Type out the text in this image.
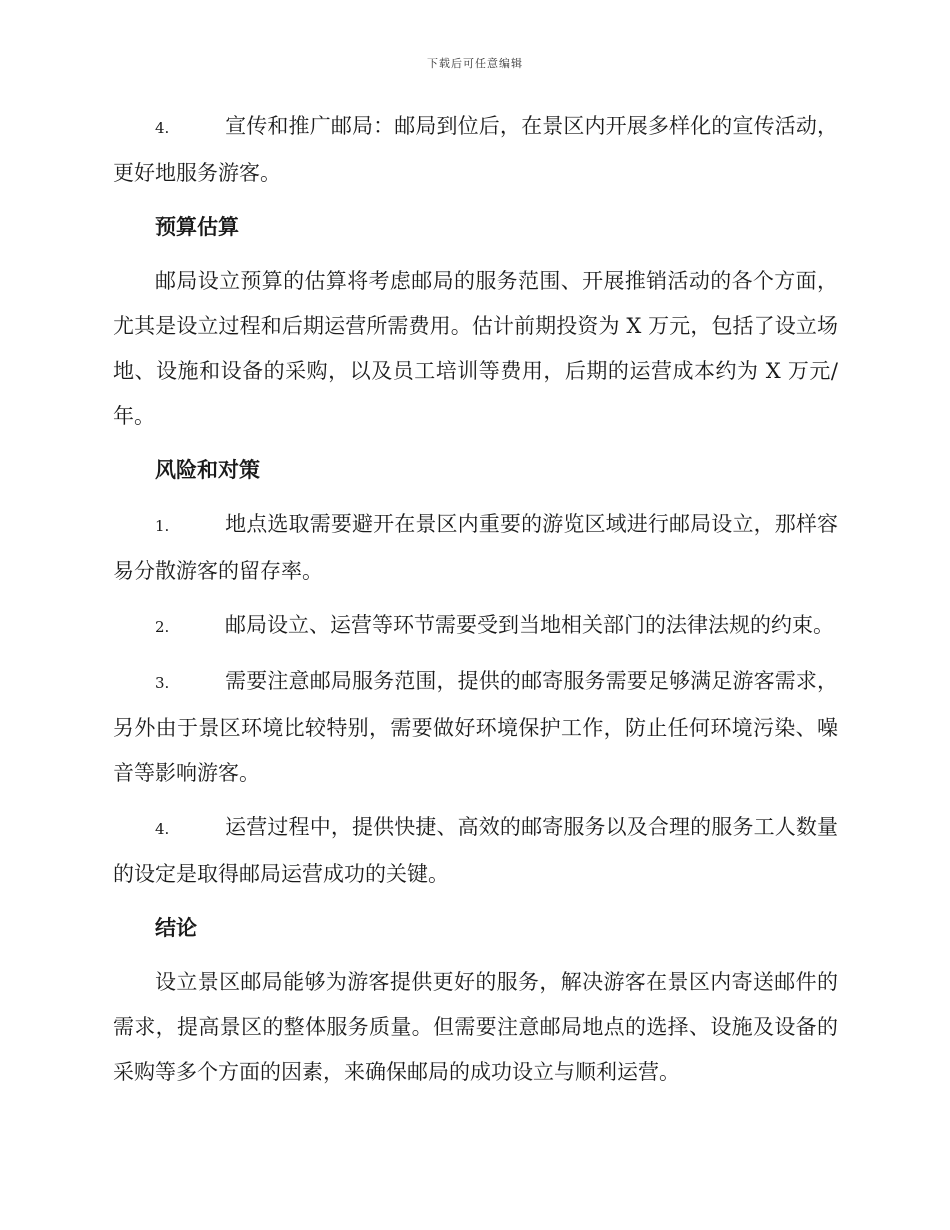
下载后可任意编辑

4.	宣传和推广邮局：邮局到位后，在景区内开展多样化的宣传活动，更好地服务游客。

预算估算

邮局设立预算的估算将考虑邮局的服务范围、开展推销活动的各个方面，尤其是设立过程和后期运营所需费用。估计前期投资为 X 万元，包括了设立场地、设施和设备的采购，以及员工培训等费用，后期的运营成本约为 X 万元/年。

风险和对策

1.	地点选取需要避开在景区内重要的游览区域进行邮局设立，那样容易分散游客的留存率。

2.	邮局设立、运营等环节需要受到当地相关部门的法律法规的约束。

3.	需要注意邮局服务范围，提供的邮寄服务需要足够满足游客需求，另外由于景区环境比较特别，需要做好环境保护工作，防止任何环境污染、噪音等影响游客。

4.	运营过程中，提供快捷、高效的邮寄服务以及合理的服务工人数量的设定是取得邮局运营成功的关键。

结论

设立景区邮局能够为游客提供更好的服务，解决游客在景区内寄送邮件的需求，提高景区的整体服务质量。但需要注意邮局地点的选择、设施及设备的采购等多个方面的因素，来确保邮局的成功设立与顺利运营。
